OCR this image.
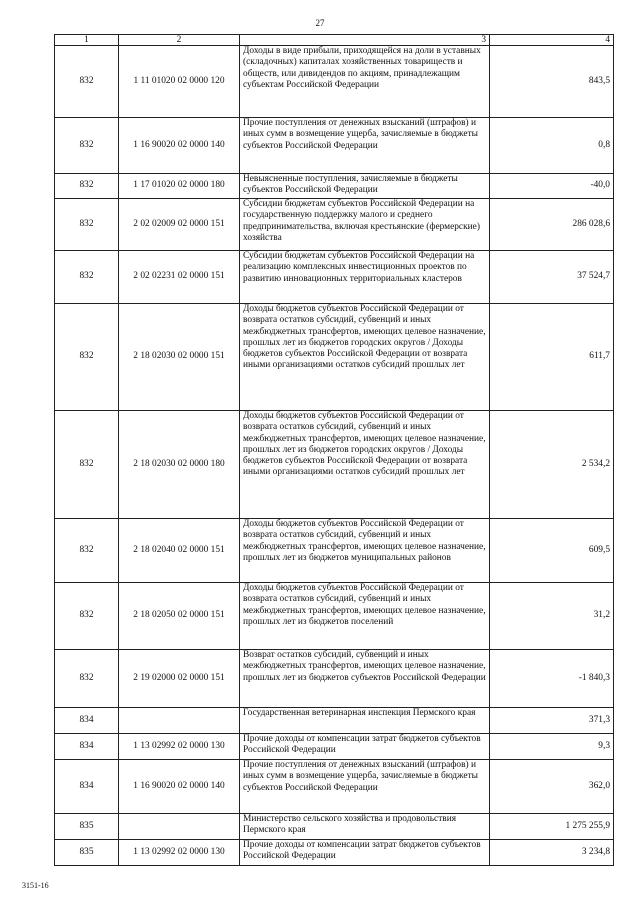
27
1	2	3	4
832	1 11 01020 02 0000 120	Доходы в виде прибыли, приходящейся на доли в уставных (складочных) капиталах хозяйственных товариществ и обществ, или дивидендов по акциям, принадлежащим субъектам Российской Федерации	843,5
832	1 16 90020 02 0000 140	Прочие поступления от денежных взысканий (штрафов) и иных сумм в возмещение ущерба, зачисляемые в бюджеты субъектов Российской Федерации	0,8
832	1 17 01020 02 0000 180	Невыясненные поступления, зачисляемые в бюджеты субъектов Российской Федерации	-40,0
832	2 02 02009 02 0000 151	Субсидии бюджетам субъектов Российской Федерации на государственную поддержку малого и среднего предпринимательства, включая крестьянские (фермерские) хозяйства	286 028,6
832	2 02 02231 02 0000 151	Субсидии бюджетам субъектов Российской Федерации на реализацию комплексных инвестиционных проектов по развитию инновационных территориальных кластеров	37 524,7
832	2 18 02030 02 0000 151	Доходы бюджетов субъектов Российской Федерации от возврата остатков субсидий, субвенций и иных межбюджетных трансфертов, имеющих целевое назначение, прошлых лет из бюджетов городских округов / Доходы бюджетов субъектов Российской Федерации от возврата иными организациями остатков субсидий прошлых лет	611,7
832	2 18 02030 02 0000 180	Доходы бюджетов субъектов Российской Федерации от возврата остатков субсидий, субвенций и иных межбюджетных трансфертов, имеющих целевое назначение, прошлых лет из бюджетов городских округов / Доходы бюджетов субъектов Российской Федерации от возврата иными организациями остатков субсидий прошлых лет	2 534,2
832	2 18 02040 02 0000 151	Доходы бюджетов субъектов Российской Федерации от возврата остатков субсидий, субвенций и иных межбюджетных трансфертов, имеющих целевое назначение, прошлых лет из бюджетов муниципальных районов	609,5
832	2 18 02050 02 0000 151	Доходы бюджетов субъектов Российской Федерации от возврата остатков субсидий, субвенций и иных межбюджетных трансфертов, имеющих целевое назначение, прошлых лет из бюджетов поселений	31,2
832	2 19 02000 02 0000 151	Возврат остатков субсидий, субвенций и иных межбюджетных трансфертов, имеющих целевое назначение, прошлых лет из бюджетов субъектов Российской Федерации	-1 840,3
834		Государственная ветеринарная инспекция Пермского края	371,3
834	1 13 02992 02 0000 130	Прочие доходы от компенсации затрат бюджетов субъектов Российской Федерации	9,3
834	1 16 90020 02 0000 140	Прочие поступления от денежных взысканий (штрафов) и иных сумм в возмещение ущерба, зачисляемые в бюджеты субъектов Российской Федерации	362,0
835		Министерство сельского хозяйства и продовольствия Пермского края	1 275 255,9
835	1 13 02992 02 0000 130	Прочие доходы от компенсации затрат бюджетов субъектов Российской Федерации	3 234,8
3151-16
